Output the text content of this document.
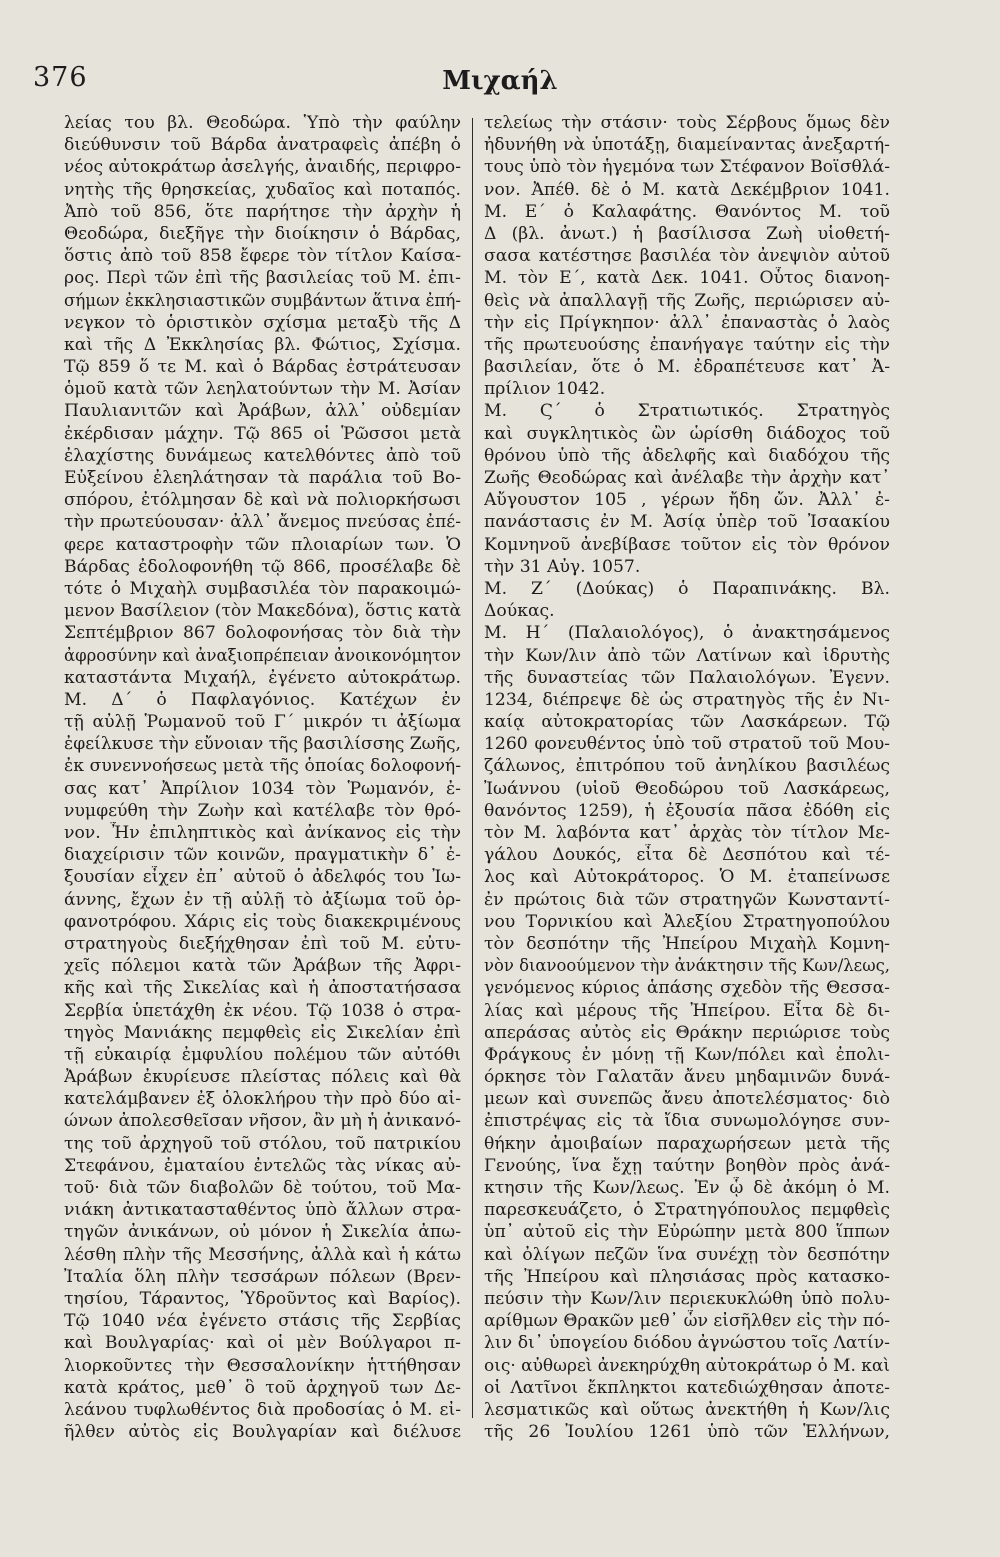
376	Μιχαήλ
λείας του βλ. Θεοδώρα. Ὑπὸ τὴν φαύλην
διεύθυνσιν τοῦ Βάρδα ἀνατραφεὶς ἀπέβη ὁ
νέος αὐτοκράτωρ ἀσελγής, ἀναιδής, περιφρο-
νητὴς τῆς θρησκείας, χυδαῖος καὶ ποταπός.
Ἀπὸ τοῦ 856, ὅτε παρήτησε τὴν ἀρχὴν ἡ
Θεοδώρα, διεξῆγε τὴν διοίκησιν ὁ Βάρδας,
ὅστις ἀπὸ τοῦ 858 ἔφερε τὸν τίτλον Καίσα-
ρος. Περὶ τῶν ἐπὶ τῆς βασιλείας τοῦ Μ. ἐπι-
σήμων ἐκκλησιαστικῶν συμβάντων ἅτινα ἐπή-
νεγκον τὸ ὁριστικὸν σχίσμα μεταξὺ τῆς Δ
καὶ τῆς Δ Ἐκκλησίας βλ. Φώτιος, Σχίσμα.
Τῷ 859 ὅ τε Μ. καὶ ὁ Βάρδας ἐστράτευσαν
ὁμοῦ κατὰ τῶν λεηλατούντων τὴν Μ. Ἀσίαν
Παυλιανιτῶν καὶ Ἀράβων, ἀλλ᾽ οὐδεμίαν
ἐκέρδισαν μάχην. Τῷ 865 οἱ Ῥῶσσοι μετὰ
ἐλαχίστης δυνάμεως κατελθόντες ἀπὸ τοῦ
Εὐξείνου ἐλεηλάτησαν τὰ παράλια τοῦ Βο-
σπόρου, ἐτόλμησαν δὲ καὶ νὰ πολιορκήσωσι
τὴν πρωτεύουσαν· ἀλλ᾽ ἄνεμος πνεύσας ἐπέ-
φερε καταστροφὴν τῶν πλοιαρίων των. Ὁ
Βάρδας ἐδολοφονήθη τῷ 866, προσέλαβε δὲ
τότε ὁ Μιχαὴλ συμβασιλέα τὸν παρακοιμώ-
μενον Βασίλειον (τὸν Μακεδόνα), ὅστις κατὰ
Σεπτέμβριον 867 δολοφονήσας τὸν διὰ τὴν
ἀφροσύνην καὶ ἀναξιοπρέπειαν ἀνοικονόμητον
καταστάντα Μιχαήλ, ἐγένετο αὐτοκράτωρ.
Μ. Δ΄ ὁ Παφλαγόνιος. Κατέχων ἐν
τῇ αὐλῇ Ῥωμανοῦ τοῦ Γ΄ μικρόν τι ἀξίωμα
ἐφείλκυσε τὴν εὔνοιαν τῆς βασιλίσσης Ζωῆς,
ἐκ συνεννοήσεως μετὰ τῆς ὁποίας δολοφονή-
σας κατ᾽ Ἀπρίλιον 1034 τὸν Ῥωμανόν, ἐ-
νυμφεύθη τὴν Ζωὴν καὶ κατέλαβε τὸν θρό-
νον. Ἦν ἐπιληπτικὸς καὶ ἀνίκανος εἰς τὴν
διαχείρισιν τῶν κοινῶν, πραγματικὴν δ᾽ ἐ-
ξουσίαν εἶχεν ἐπ᾽ αὐτοῦ ὁ ἀδελφός του Ἰω-
άννης, ἔχων ἐν τῇ αὐλῇ τὸ ἀξίωμα τοῦ ὀρ-
φανοτρόφου. Χάρις εἰς τοὺς διακεκριμένους
στρατηγοὺς διεξήχθησαν ἐπὶ τοῦ Μ. εὐτυ-
χεῖς πόλεμοι κατὰ τῶν Ἀράβων τῆς Ἀφρι-
κῆς καὶ τῆς Σικελίας καὶ ἡ ἀποστατήσασα
Σερβία ὑπετάχθη ἐκ νέου. Τῷ 1038 ὁ στρα-
τηγὸς Μανιάκης πεμφθεὶς εἰς Σικελίαν ἐπὶ
τῇ εὐκαιρίᾳ ἐμφυλίου πολέμου τῶν αὐτόθι
Ἀράβων ἐκυρίευσε πλείστας πόλεις καὶ θὰ
κατελάμβανεν ἐξ ὁλοκλήρου τὴν πρὸ δύο αἰ-
ώνων ἀπολεσθεῖσαν νῆσον, ἂν μὴ ἡ ἀνικανό-
της τοῦ ἀρχηγοῦ τοῦ στόλου, τοῦ πατρικίου
Στεφάνου, ἐματαίου ἐντελῶς τὰς νίκας αὐ-
τοῦ· διὰ τῶν διαβολῶν δὲ τούτου, τοῦ Μα-
νιάκη ἀντικατασταθέντος ὑπὸ ἄλλων στρα-
τηγῶν ἀνικάνων, οὐ μόνον ἡ Σικελία ἀπω-
λέσθη πλὴν τῆς Μεσσήνης, ἀλλὰ καὶ ἡ κάτω
Ἰταλία ὅλη πλὴν τεσσάρων πόλεων (Βρεν-
τησίου, Τάραντος, Ὑδροῦντος καὶ Βαρίος).
Τῷ 1040 νέα ἐγένετο στάσις τῆς Σερβίας
καὶ Βουλγαρίας· καὶ οἱ μὲν Βούλγαροι π-
λιορκοῦντες τὴν Θεσσαλονίκην ἡττήθησαν
κατὰ κράτος, μεθ᾽ ὃ τοῦ ἀρχηγοῦ των Δε-
λεάνου τυφλωθέντος διὰ προδοσίας ὁ Μ. εἰ-
ῆλθεν αὐτὸς εἰς Βουλγαρίαν καὶ διέλυσε
τελείως τὴν στάσιν· τοὺς Σέρβους ὅμως δὲν
ἠδυνήθη νὰ ὑποτάξῃ, διαμείναντας ἀνεξαρτή-
τους ὑπὸ τὸν ἡγεμόνα των Στέφανον Βοϊσθλά-
νον. Ἀπέθ. δὲ ὁ Μ. κατὰ Δεκέμβριον 1041.
Μ. Ε΄ ὁ Καλαφάτης. Θανόντος Μ. τοῦ
Δ (βλ. ἀνωτ.) ἡ βασίλισσα Ζωὴ υἱοθετή-
σασα κατέστησε βασιλέα τὸν ἀνεψιὸν αὐτοῦ
Μ. τὸν Ε΄, κατὰ Δεκ. 1041. Οὗτος διανοη-
θεὶς νὰ ἀπαλλαγῇ τῆς Ζωῆς, περιώρισεν αὐ-
τὴν εἰς Πρίγκηπον· ἀλλ᾽ ἐπαναστὰς ὁ λαὸς
τῆς πρωτευούσης ἐπανήγαγε ταύτην εἰς τὴν
βασιλείαν, ὅτε ὁ Μ. ἐδραπέτευσε κατ᾽ Ἀ-
πρίλιον 1042.
Μ. Ϛ΄ ὁ Στρατιωτικός. Στρατηγὸς
καὶ συγκλητικὸς ὢν ὡρίσθη διάδοχος τοῦ
θρόνου ὑπὸ τῆς ἀδελφῆς καὶ διαδόχου τῆς
Ζωῆς Θεοδώρας καὶ ἀνέλαβε τὴν ἀρχὴν κατ᾽
Αὔγουστον 105 , γέρων ἤδη ὤν. Ἀλλ᾽ ἐ-
πανάστασις ἐν Μ. Ἀσίᾳ ὑπὲρ τοῦ Ἰσαακίου
Κομνηνοῦ ἀνεβίβασε τοῦτον εἰς τὸν θρόνον
τὴν 31 Αὐγ. 1057.
Μ. Ζ΄ (Δούκας) ὁ Παραπινάκης. Βλ.
Δούκας.
Μ. Η΄ (Παλαιολόγος), ὁ ἀνακτησάμενος
τὴν Κων/λιν ἀπὸ τῶν Λατίνων καὶ ἱδρυτὴς
τῆς δυναστείας τῶν Παλαιολόγων. Ἐγενν.
1234, διέπρεψε δὲ ὡς στρατηγὸς τῆς ἐν Νι-
καίᾳ αὐτοκρατορίας τῶν Λασκάρεων. Τῷ
1260 φονευθέντος ὑπὸ τοῦ στρατοῦ τοῦ Μου-
ζάλωνος, ἐπιτρόπου τοῦ ἀνηλίκου βασιλέως
Ἰωάννου (υἱοῦ Θεοδώρου τοῦ Λασκάρεως,
θανόντος 1259), ἡ ἐξουσία πᾶσα ἐδόθη εἰς
τὸν Μ. λαβόντα κατ᾽ ἀρχὰς τὸν τίτλον Με-
γάλου Δουκός, εἶτα δὲ Δεσπότου καὶ τέ-
λος καὶ Αὐτοκράτορος. Ὁ Μ. ἐταπείνωσε
ἐν πρώτοις διὰ τῶν στρατηγῶν Κωνσταντί-
νου Τορνικίου καὶ Ἀλεξίου Στρατηγοπούλου
τὸν δεσπότην τῆς Ἠπείρου Μιχαὴλ Κομνη-
νὸν διανοούμενον τὴν ἀνάκτησιν τῆς Κων/λεως,
γενόμενος κύριος ἁπάσης σχεδὸν τῆς Θεσσα-
λίας καὶ μέρους τῆς Ἠπείρου. Εἶτα δὲ δι-
απεράσας αὐτὸς εἰς Θράκην περιώρισε τοὺς
Φράγκους ἐν μόνῃ τῇ Κων/πόλει καὶ ἐπολι-
όρκησε τὸν Γαλατᾶν ἄνευ μηδαμινῶν δυνά-
μεων καὶ συνεπῶς ἄνευ ἀποτελέσματος· διὸ
ἐπιστρέψας εἰς τὰ ἴδια συνωμολόγησε συν-
θήκην ἀμοιβαίων παραχωρήσεων μετὰ τῆς
Γενούης, ἵνα ἔχῃ ταύτην βοηθὸν πρὸς ἀνά-
κτησιν τῆς Κων/λεως. Ἐν ᾧ δὲ ἀκόμη ὁ Μ.
παρεσκευάζετο, ὁ Στρατηγόπουλος πεμφθεὶς
ὑπ᾽ αὐτοῦ εἰς τὴν Εὐρώπην μετὰ 800 ἵππων
καὶ ὀλίγων πεζῶν ἵνα συνέχῃ τὸν δεσπότην
τῆς Ἠπείρου καὶ πλησιάσας πρὸς κατασκο-
πεύσιν τὴν Κων/λιν περιεκυκλώθη ὑπὸ πολυ-
αρίθμων Θρακῶν μεθ᾽ ὧν εἰσῆλθεν εἰς τὴν πό-
λιν δι᾽ ὑπογείου διόδου ἀγνώστου τοῖς Λατίν-
οις· αὐθωρεὶ ἀνεκηρύχθη αὐτοκράτωρ ὁ Μ. καὶ
οἱ Λατῖνοι ἔκπληκτοι κατεδιώχθησαν ἀποτε-
λεσματικῶς καὶ οὕτως ἀνεκτήθη ἡ Κων/λις
τῆς 26 Ἰουλίου 1261 ὑπὸ τῶν Ἑλλήνων,
